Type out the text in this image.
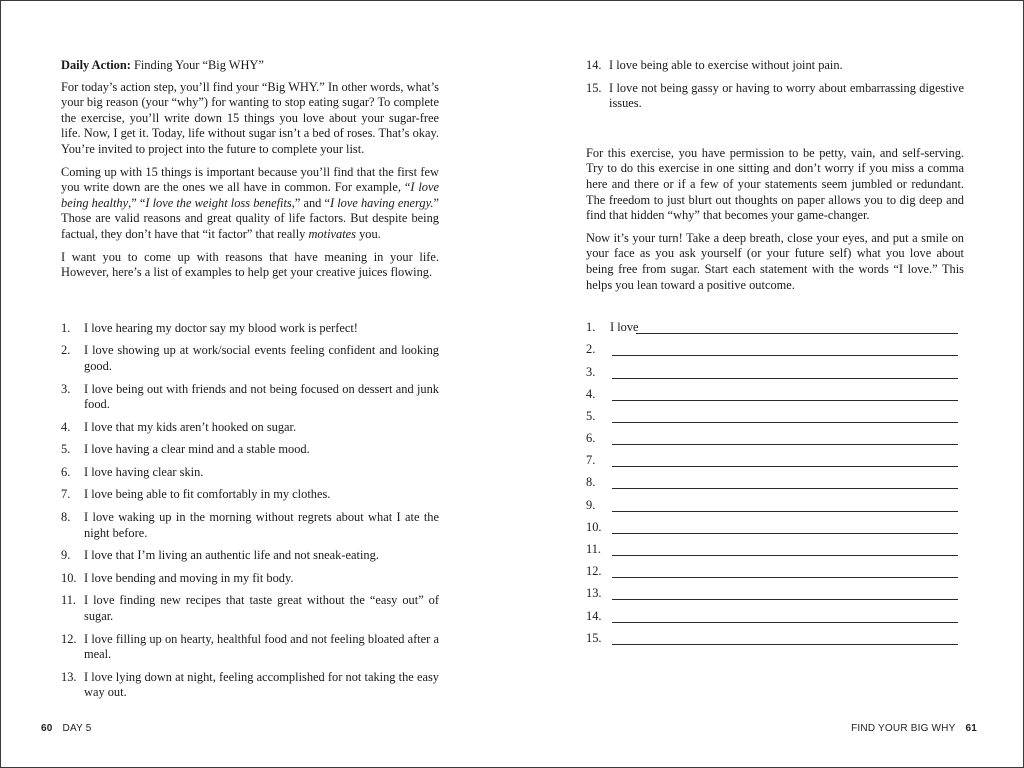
Daily Action: Finding Your “Big WHY”

For today’s action step, you’ll find your “Big WHY.” In other words, what’s your big reason (your “why”) for wanting to stop eating sugar? To complete the exercise, you’ll write down 15 things you love about your sugar-free life. Now, I get it. Today, life without sugar isn’t a bed of roses. That’s okay. You’re invited to project into the future to complete your list.

Coming up with 15 things is important because you’ll find that the first few you write down are the ones we all have in common. For example, “I love being healthy,” “I love the weight loss benefits,” and “I love having energy.” Those are valid reasons and great quality of life factors. But despite being factual, they don’t have that “it factor” that really motivates you.

I want you to come up with reasons that have meaning in your life. However, here’s a list of examples to help get your creative juices flowing.

1. I love hearing my doctor say my blood work is perfect!
2. I love showing up at work/social events feeling confident and looking good.
3. I love being out with friends and not being focused on dessert and junk food.
4. I love that my kids aren’t hooked on sugar.
5. I love having a clear mind and a stable mood.
6. I love having clear skin.
7. I love being able to fit comfortably in my clothes.
8. I love waking up in the morning without regrets about what I ate the night before.
9. I love that I’m living an authentic life and not sneak-eating.
10. I love bending and moving in my fit body.
11. I love finding new recipes that taste great without the “easy out” of sugar.
12. I love filling up on hearty, healthful food and not feeling bloated after a meal.
13. I love lying down at night, feeling accomplished for not taking the easy way out.
14. I love being able to exercise without joint pain.
15. I love not being gassy or having to worry about embarrassing digestive issues.

For this exercise, you have permission to be petty, vain, and self-serving. Try to do this exercise in one sitting and don’t worry if you miss a comma here and there or if a few of your statements seem jumbled or redundant. The freedom to just blurt out thoughts on paper allows you to dig deep and find that hidden “why” that becomes your game-changer.

Now it’s your turn! Take a deep breath, close your eyes, and put a smile on your face as you ask yourself (or your future self) what you love about being free from sugar. Start each statement with the words “I love.” This helps you lean toward a positive outcome.

1. I love
2.
3.
4.
5.
6.
7.
8.
9.
10.
11.
12.
13.
14.
15.
60 DAY 5	FIND YOUR BIG WHY 61
